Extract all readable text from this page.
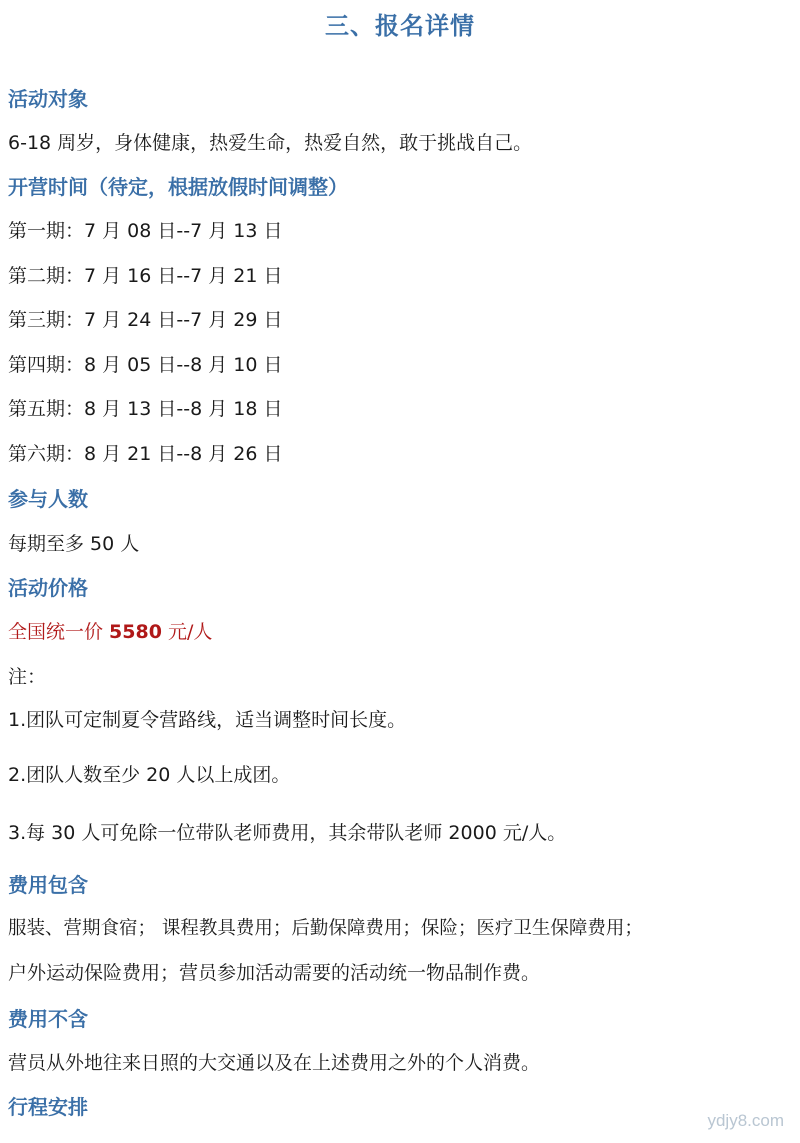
三、报名详情
活动对象
6-18 周岁，身体健康，热爱生命，热爱自然，敢于挑战自己。
开营时间（待定，根据放假时间调整）
第一期：7 月 08 日--7 月 13 日
第二期：7 月 16 日--7 月 21 日
第三期：7 月 24 日--7 月 29 日
第四期：8 月 05 日--8 月 10 日
第五期：8 月 13 日--8 月 18 日
第六期：8 月 21 日--8 月 26 日
参与人数
每期至多 50 人
活动价格
全国统一价 5580 元/人
注：
1.团队可定制夏令营路线，适当调整时间长度。
2.团队人数至少 20 人以上成团。
3.每 30 人可免除一位带队老师费用，其余带队老师 2000 元/人。
费用包含
服装、营期食宿； 课程教具费用；后勤保障费用；保险；医疗卫生保障费用；
户外运动保险费用；营员参加活动需要的活动统一物品制作费。
费用不含
营员从外地往来日照的大交通以及在上述费用之外的个人消费。
行程安排
ydjy8.com
